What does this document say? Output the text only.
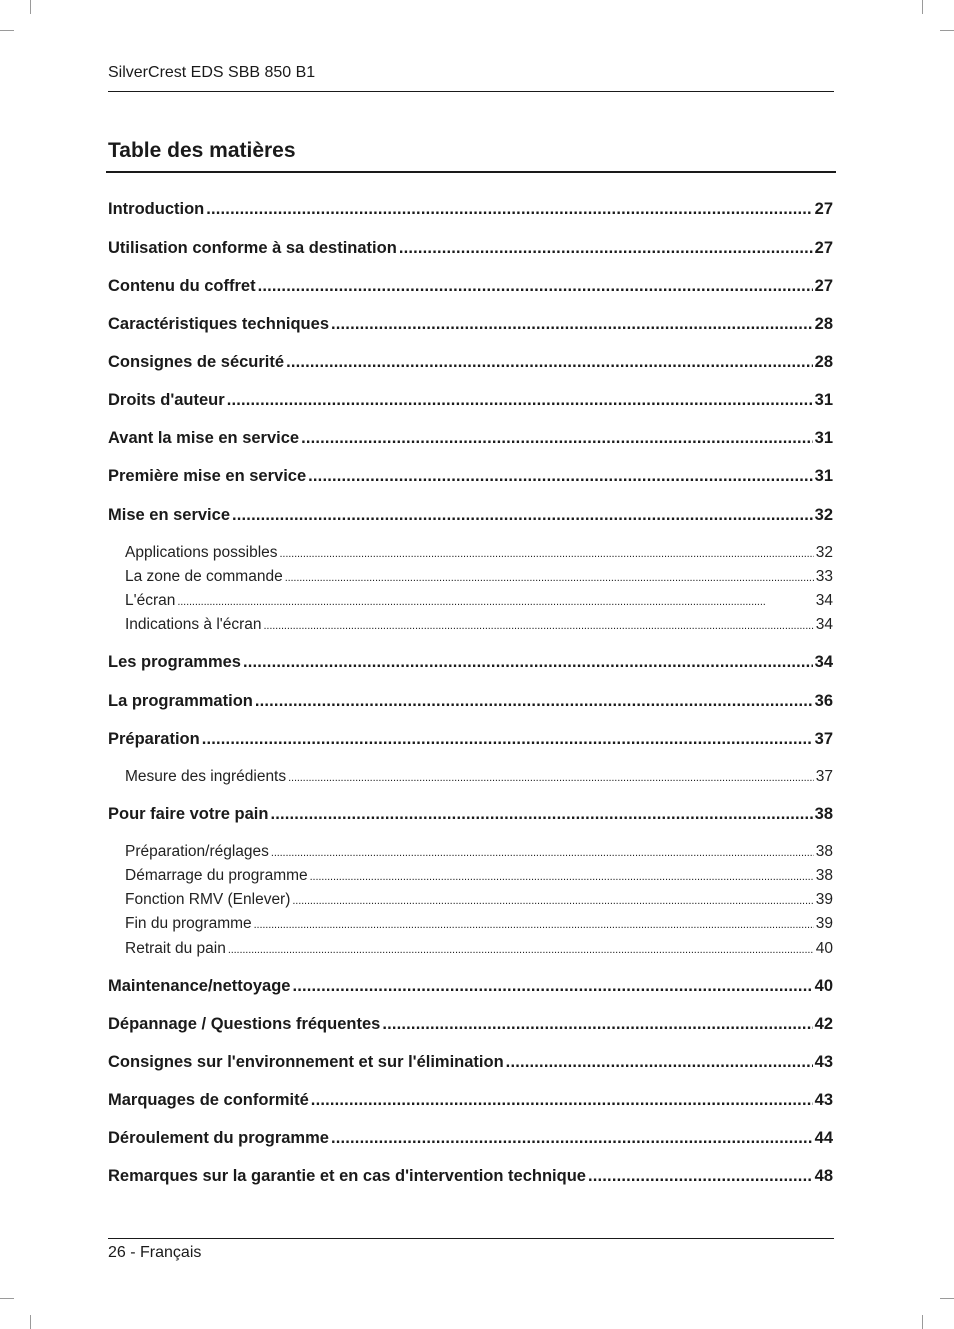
SilverCrest EDS SBB 850 B1
Table des matières
Introduction . . .	27
Utilisation conforme à sa destination . . .	27
Contenu du coffret . . .	27
Caractéristiques techniques . . .	28
Consignes de sécurité . . .	28
Droits d'auteur . . .	31
Avant la mise en service . . .	31
Première mise en service . . .	31
Mise en service . . .	32
Applications possibles . . .	32
La zone de commande . . .	33
L'écran . . .	34
Indications à l'écran . . .	34
Les programmes . . .	34
La programmation . . .	36
Préparation . . .	37
Mesure des ingrédients . . .	37
Pour faire votre pain . . .	38
Préparation/réglages . . .	38
Démarrage du programme . . .	38
Fonction RMV (Enlever) . . .	39
Fin du programme . . .	39
Retrait du pain . . .	40
Maintenance/nettoyage . . .	40
Dépannage / Questions fréquentes . . .	42
Consignes sur l'environnement et sur l'élimination . . .	43
Marquages de conformité . . .	43
Déroulement du programme . . .	44
Remarques sur la garantie et en cas d'intervention technique . . .	48
26 - Français
